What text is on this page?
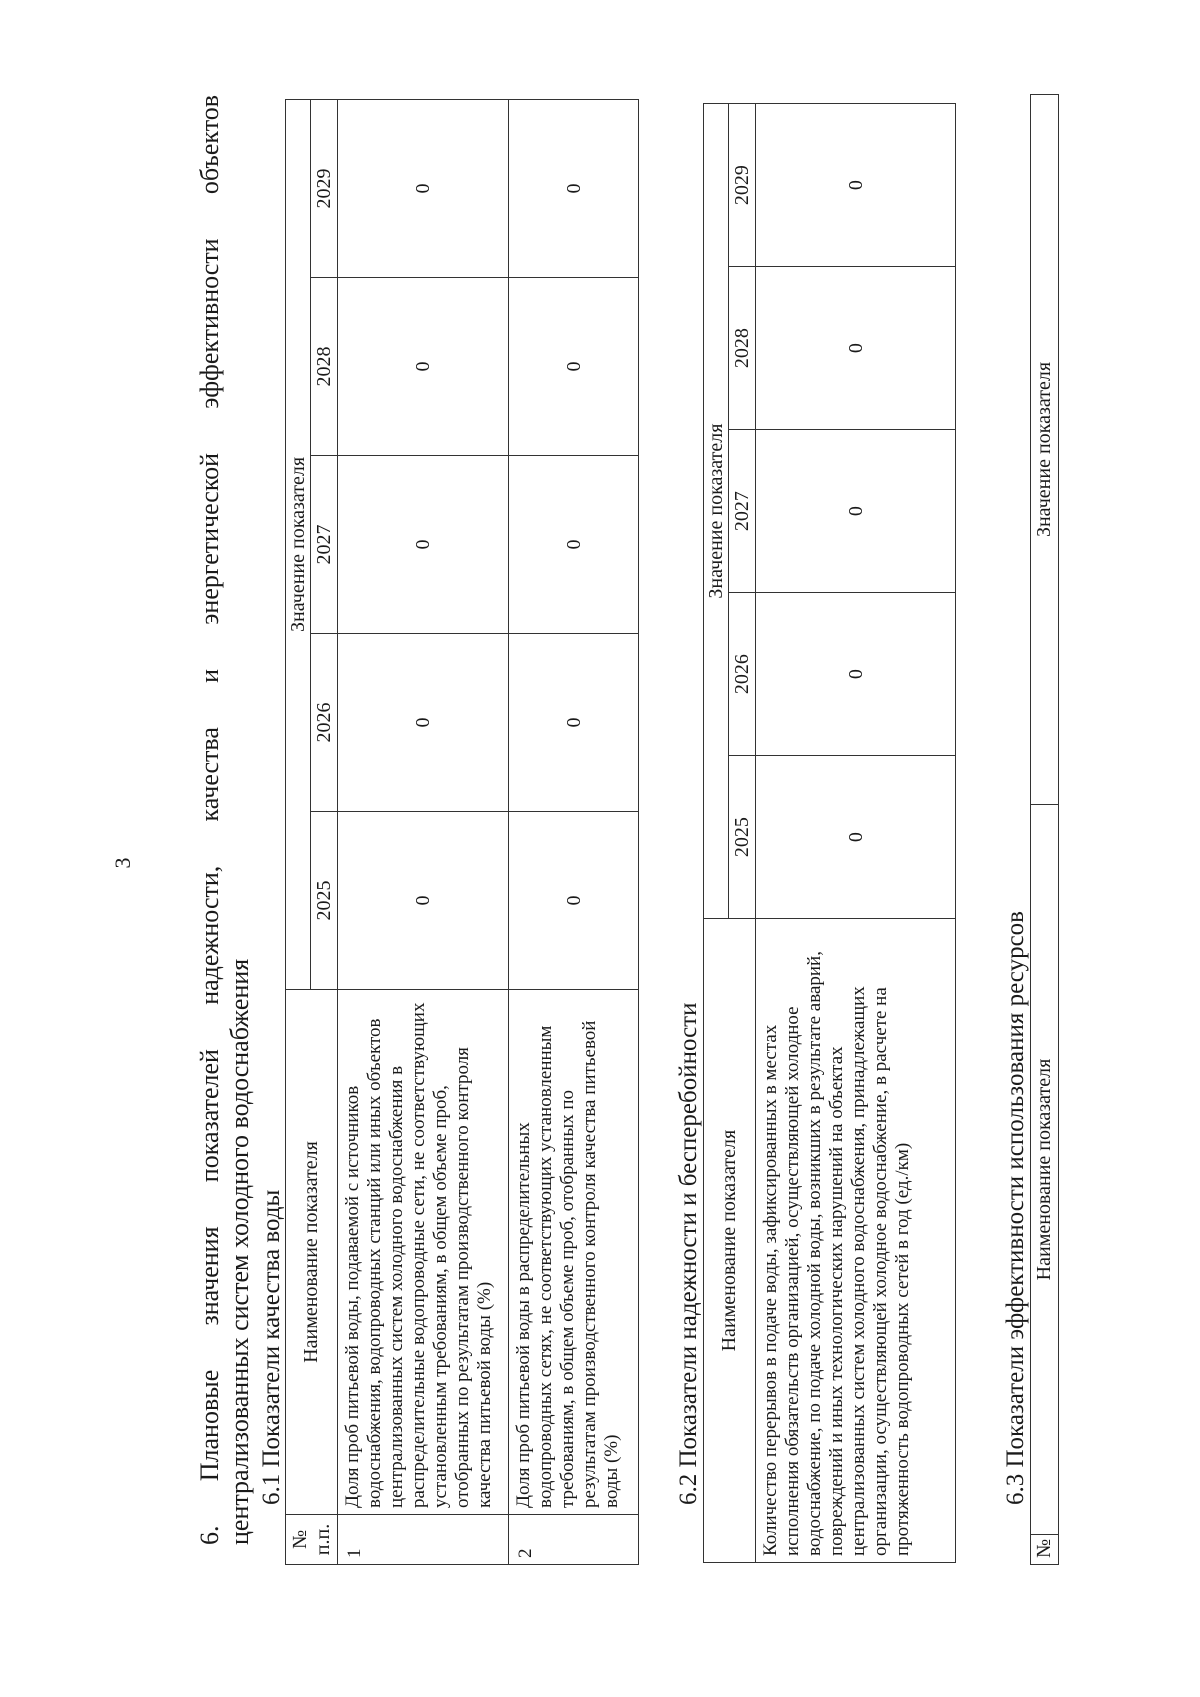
3 6. Плановые значения показателей надежности, качества и энергетической эффективности объектов централизованных систем холодного водоснабжения 6.1 Показатели качества воды
№ п.п.	Наименование показателя	Значение показателя				
		2025	2026	2027	2028	2029
1	Доля проб питьевой воды, подаваемой с источников водоснабжения, водопроводных станций или иных объектов централизованных систем холодного водоснабжения в распределительные водопроводные сети, не соответствующих установленным требованиям, в общем объеме проб, отобранных по результатам производственного контроля качества питьевой воды (%)	0	0	0	0	0
2	Доля проб питьевой воды в распределительных водопроводных сетях, не соответствующих установленным требованиям, в общем объеме проб, отобранных по результатам производственного контроля качества питьевой воды (%)	0	0	0	0	0
6.2 Показатели надежности и бесперебойности Наименование показателя	Значение показателя				
	2025	2026	2027	2028	2029
Количество перерывов в подаче воды, зафиксированных в местах исполнения обязательств организацией, осуществляющей холодное водоснабжение, по подаче холодной воды, возникших в результате аварий, повреждений и иных технологических нарушений на объектах централизованных систем холодного водоснабжения, принадлежащих организации, осуществляющей холодное водоснабжение, в расчете на протяженность водопроводных сетей в год (ед./км)	0	0	0	0	0
6.3 Показатели эффективности использования ресурсов
№	Наименование показателя	Значение показателя
